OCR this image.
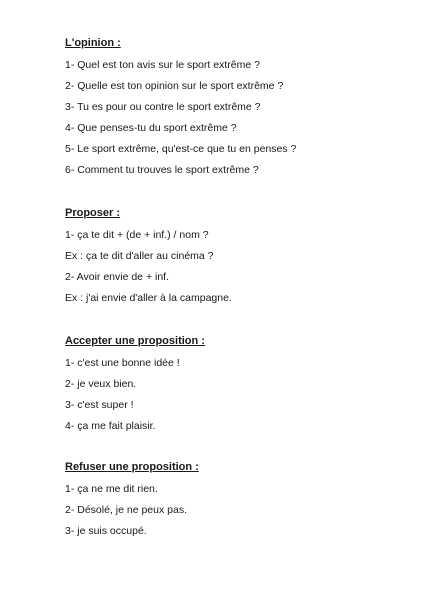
L'opinion :
1- Quel est ton avis sur le sport extrême ?
2- Quelle est ton opinion sur le sport extrême ?
3- Tu es pour ou contre le sport extrême ?
4- Que penses-tu du sport extrême ?
5- Le sport extrême, qu'est-ce que tu en penses ?
6- Comment tu trouves le sport extrême ?
Proposer :
1- ça te dit + (de + inf.) / nom ?
Ex : ça te dit d'aller au cinéma ?
2- Avoir envie de + inf.
Ex : j'ai envie d'aller à la campagne.
Accepter une proposition :
1- c'est une bonne idée !
2- je veux bien.
3- c'est super !
4- ça me fait plaisir.
Refuser une proposition :
1- ça ne me dit rien.
2- Désolé, je ne peux pas.
3- je suis occupé.
